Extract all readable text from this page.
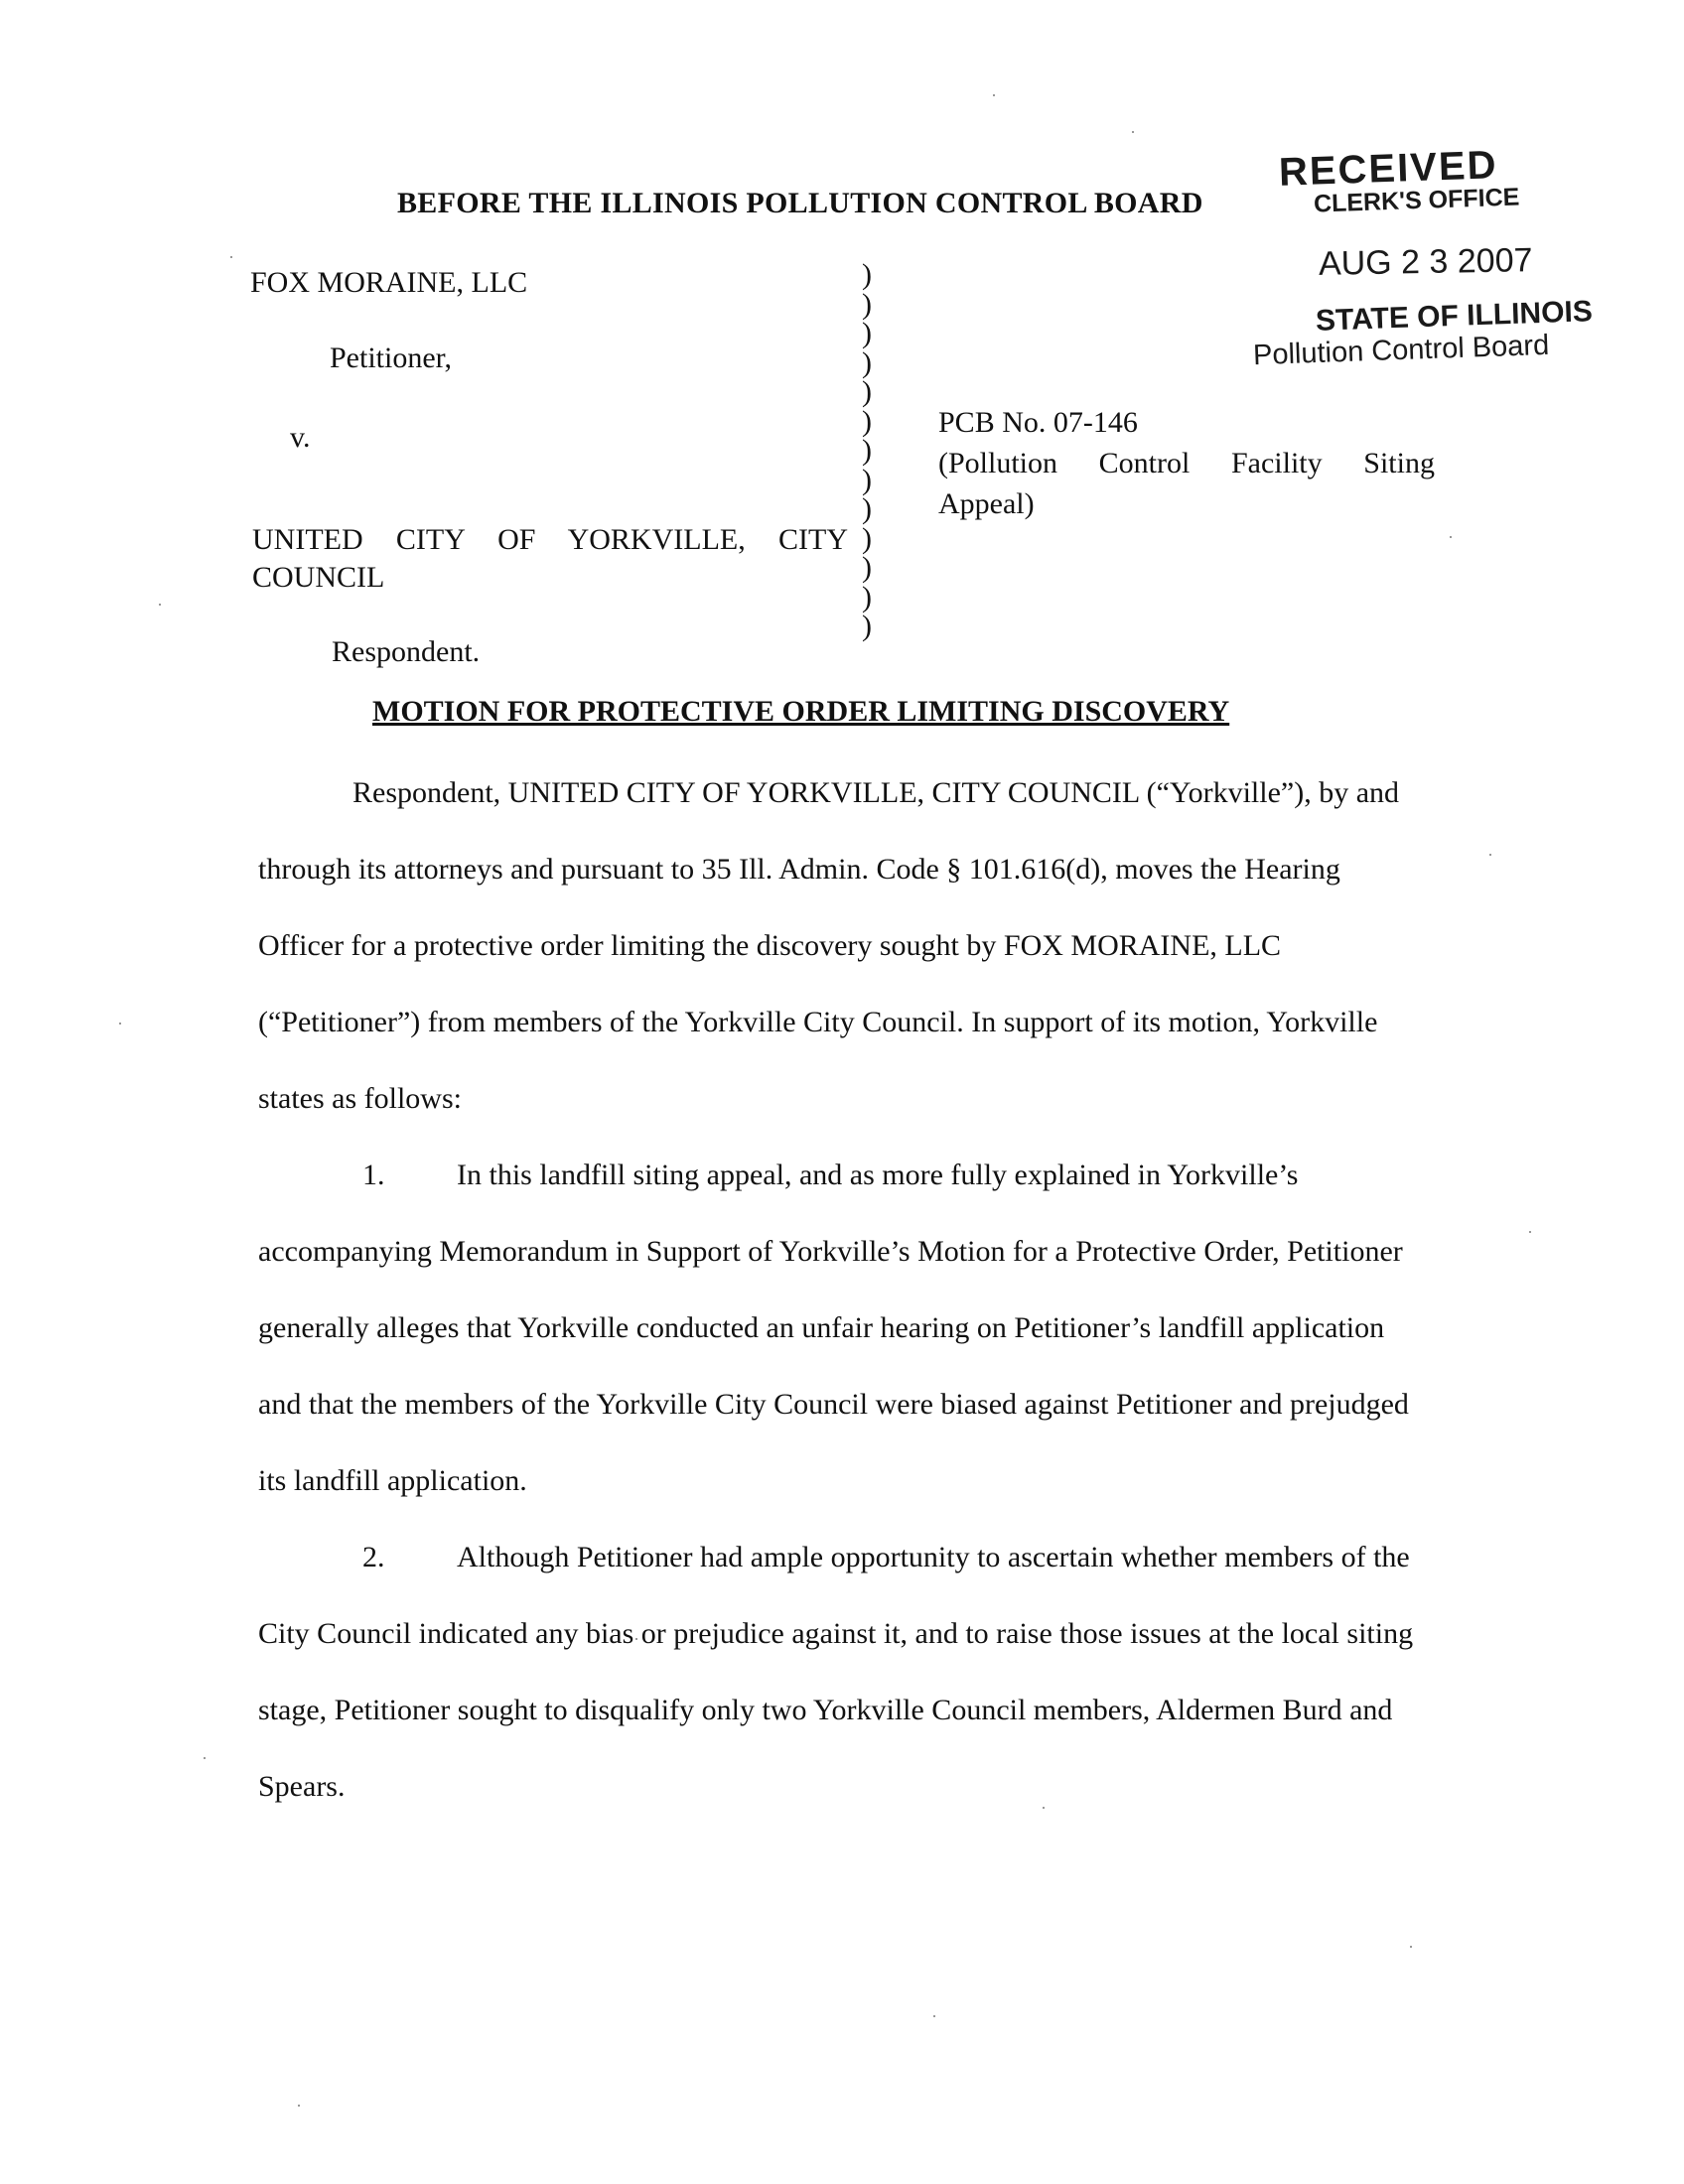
BEFORE THE ILLINOIS POLLUTION CONTROL BOARD
RECEIVED
CLERK'S OFFICE
AUG 2 3 2007
STATE OF ILLINOIS
Pollution Control Board
FOX MORAINE, LLC
Petitioner,
v.
UNITED CITY OF YORKVILLE, CITY COUNCIL
Respondent.
)
)
)
)
)
)
)
)
)
)
)
)
)
PCB No. 07-146
(Pollution Control Facility Siting
Appeal)
MOTION FOR PROTECTIVE ORDER LIMITING DISCOVERY

Respondent, UNITED CITY OF YORKVILLE, CITY COUNCIL (“Yorkville”), by and through its attorneys and pursuant to 35 Ill. Admin. Code § 101.616(d), moves the Hearing Officer for a protective order limiting the discovery sought by FOX MORAINE, LLC (“Petitioner”) from members of the Yorkville City Council. In support of its motion, Yorkville states as follows:

1. In this landfill siting appeal, and as more fully explained in Yorkville’s accompanying Memorandum in Support of Yorkville’s Motion for a Protective Order, Petitioner generally alleges that Yorkville conducted an unfair hearing on Petitioner’s landfill application and that the members of the Yorkville City Council were biased against Petitioner and prejudged its landfill application.

2. Although Petitioner had ample opportunity to ascertain whether members of the City Council indicated any bias or prejudice against it, and to raise those issues at the local siting stage, Petitioner sought to disqualify only two Yorkville Council members, Aldermen Burd and Spears.
